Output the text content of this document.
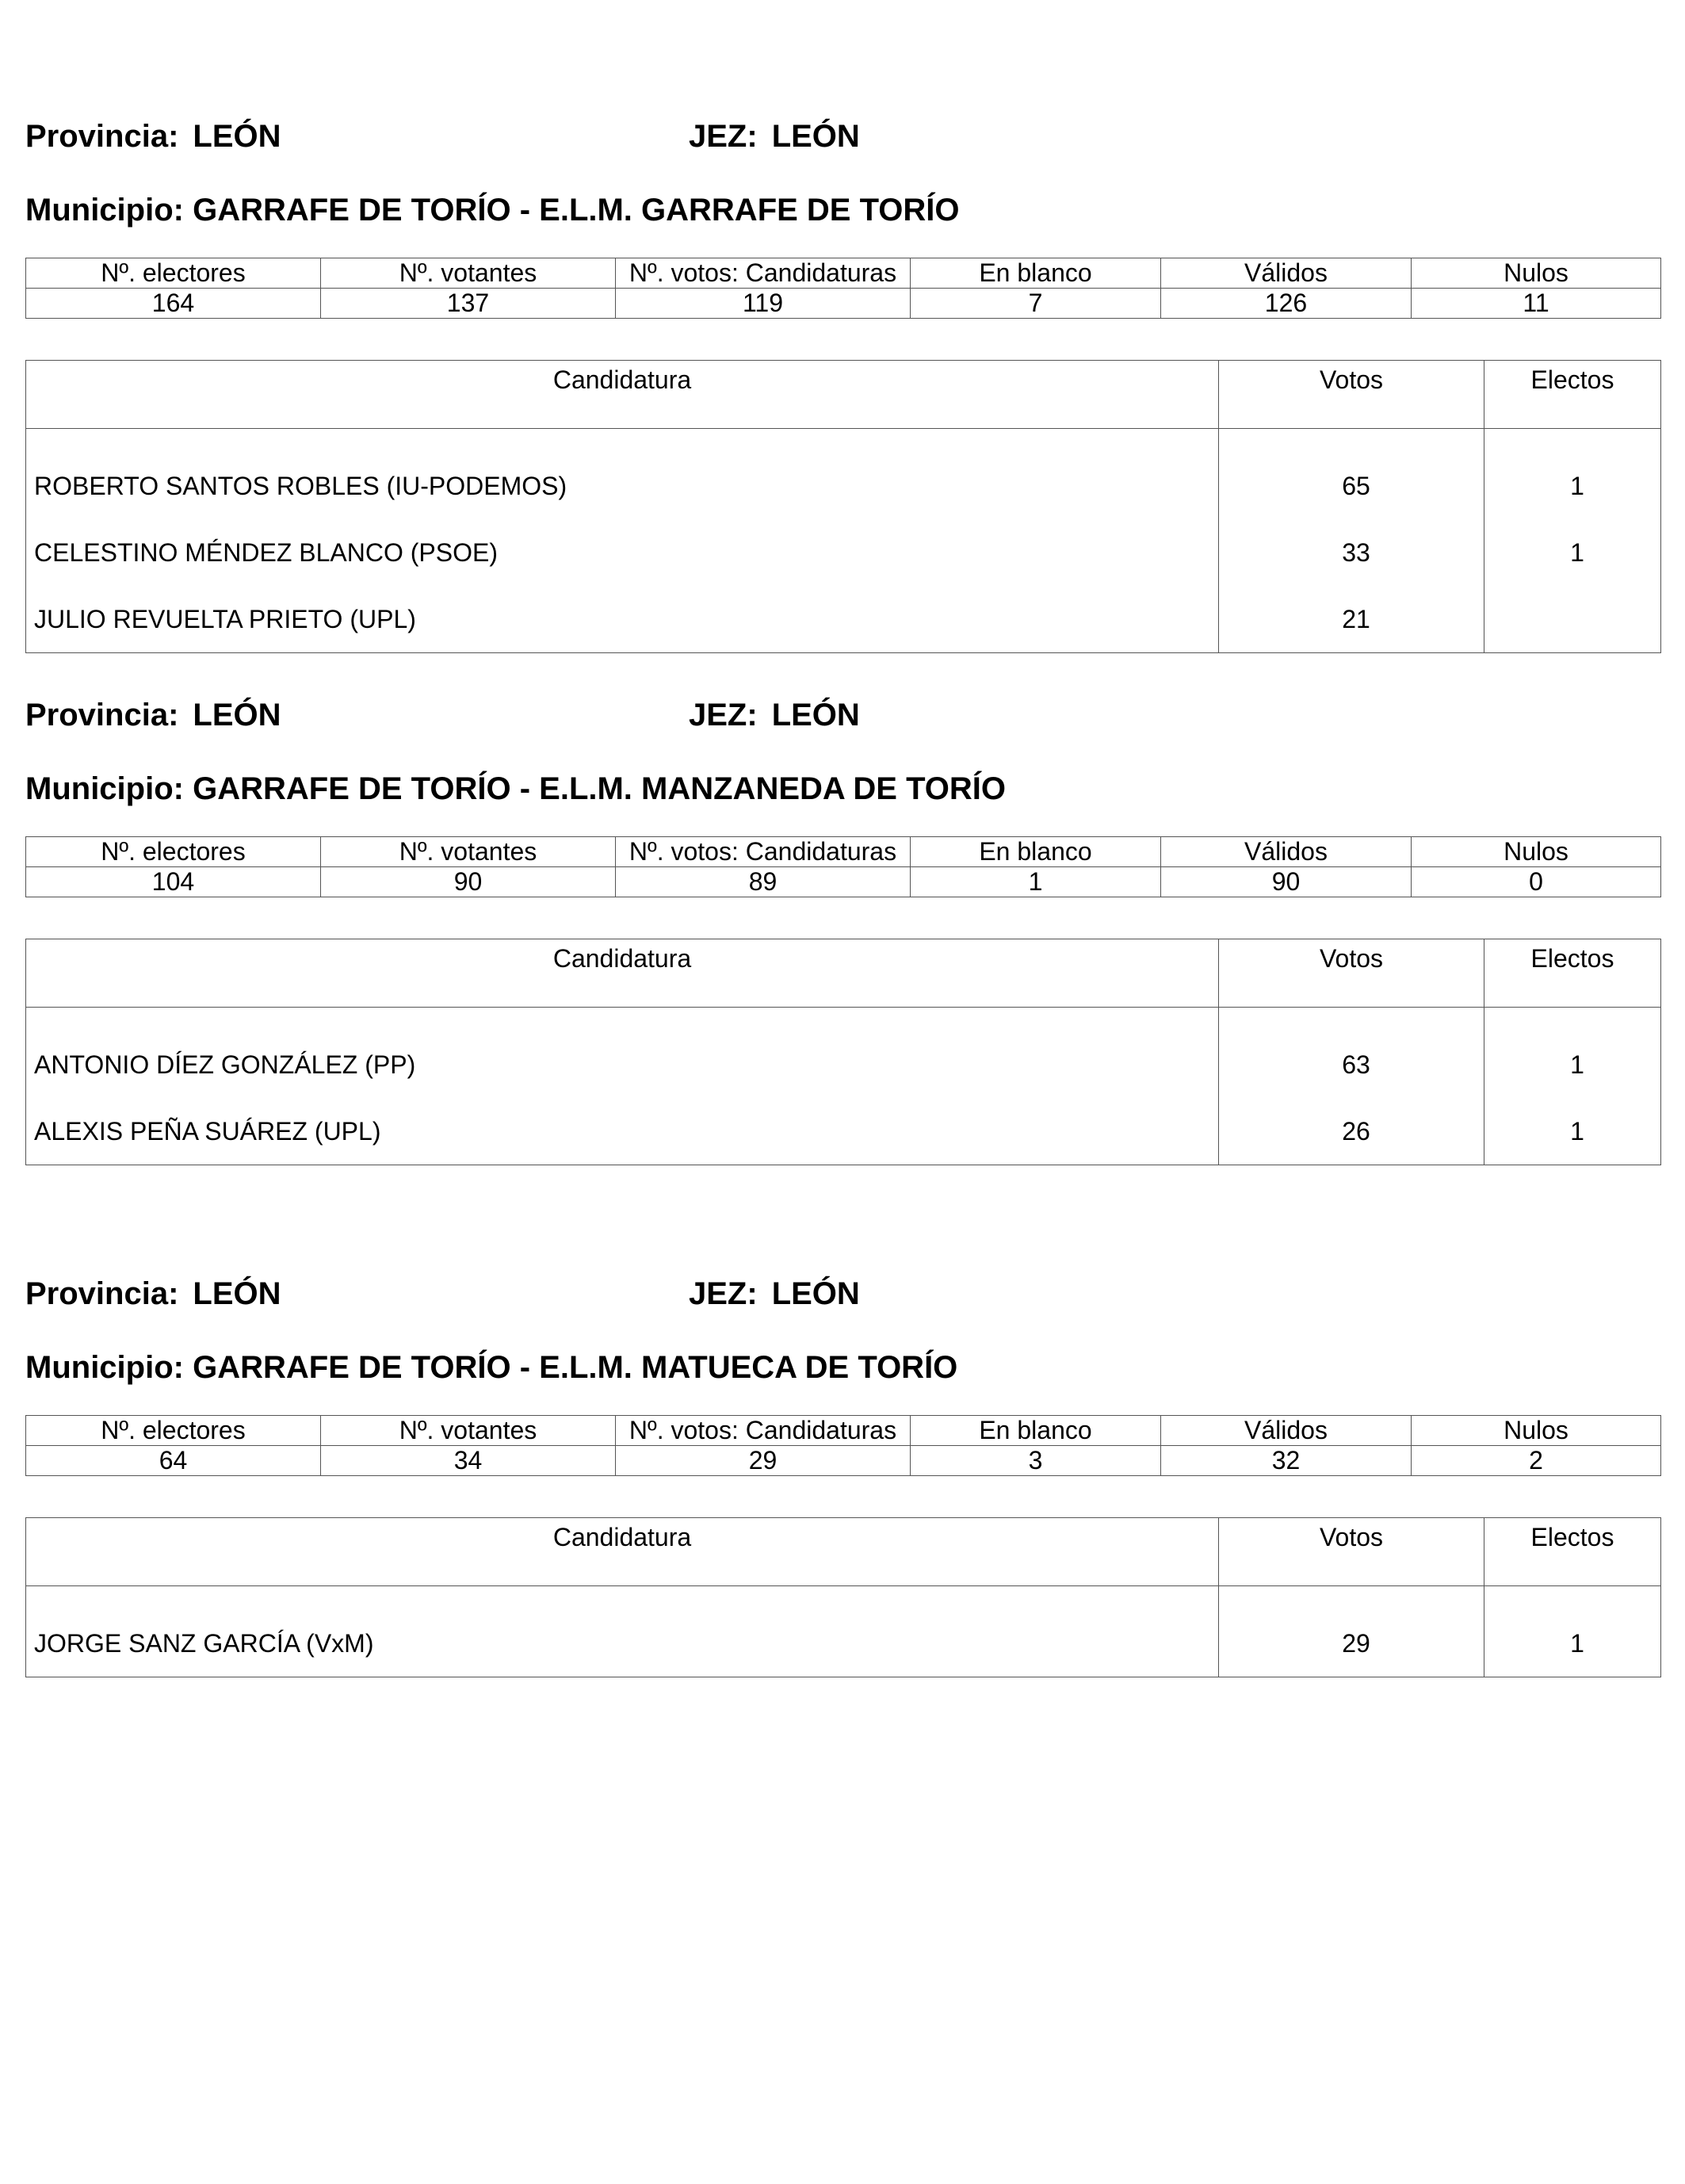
Provincia: LEÓN	JEZ: LEÓN
Municipio: GARRAFE DE TORÍO - E.L.M. GARRAFE DE TORÍO
Nº. electores	Nº. votantes	Nº. votos: Candidaturas	En blanco	Válidos	Nulos
164	137	119	7	126	11
Candidatura	Votos	Electos
ROBERTO SANTOS ROBLES (IU-PODEMOS)	65	1
CELESTINO MÉNDEZ BLANCO (PSOE)	33	1
JULIO REVUELTA PRIETO (UPL)	21	
Provincia: LEÓN	JEZ: LEÓN
Municipio: GARRAFE DE TORÍO - E.L.M. MANZANEDA DE TORÍO
Nº. electores	Nº. votantes	Nº. votos: Candidaturas	En blanco	Válidos	Nulos
104	90	89	1	90	0
Candidatura	Votos	Electos
ANTONIO DÍEZ GONZÁLEZ (PP)	63	1
ALEXIS PEÑA SUÁREZ (UPL)	26	1
Provincia: LEÓN	JEZ: LEÓN
Municipio: GARRAFE DE TORÍO - E.L.M. MATUECA DE TORÍO
Nº. electores	Nº. votantes	Nº. votos: Candidaturas	En blanco	Válidos	Nulos
64	34	29	3	32	2
Candidatura	Votos	Electos
JORGE SANZ GARCÍA (VxM)	29	1
